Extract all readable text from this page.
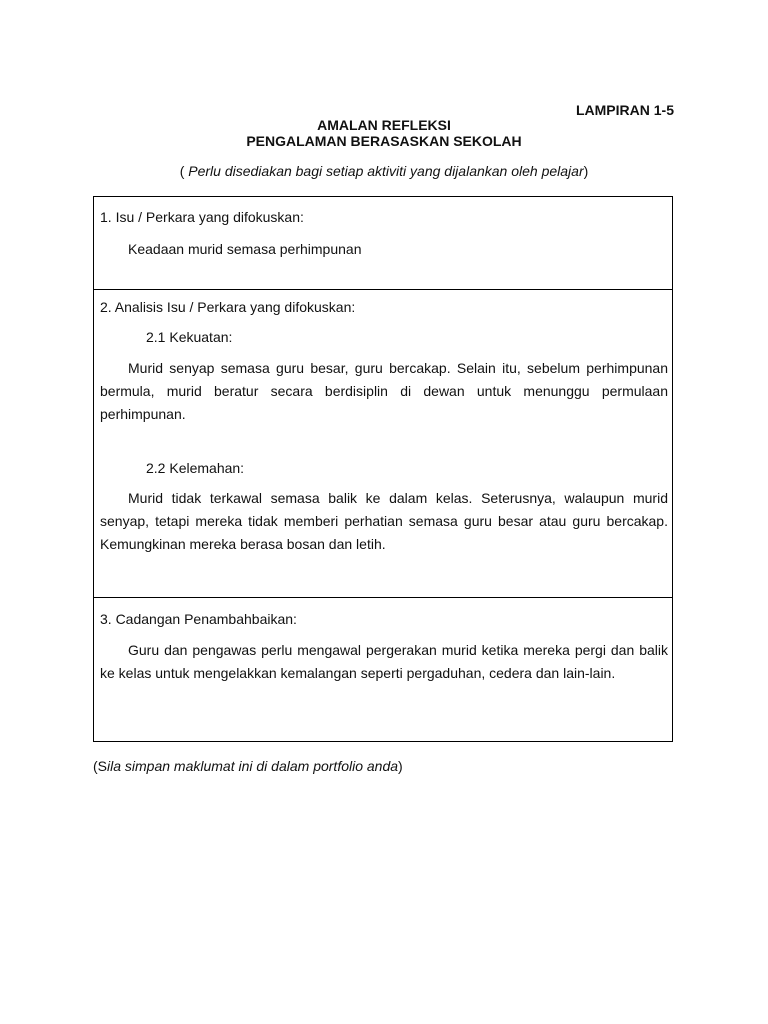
LAMPIRAN 1-5
AMALAN REFLEKSI
PENGALAMAN BERASASKAN SEKOLAH
( Perlu disediakan bagi setiap aktiviti yang dijalankan oleh pelajar)
1. Isu / Perkara yang difokuskan:
Keadaan murid semasa perhimpunan
2. Analisis Isu / Perkara yang difokuskan:
2.1 Kekuatan:
Murid senyap semasa guru besar, guru bercakap. Selain itu, sebelum perhimpunan bermula, murid beratur secara berdisiplin di dewan untuk menunggu permulaan perhimpunan.
2.2 Kelemahan:
Murid tidak terkawal semasa balik ke dalam kelas. Seterusnya, walaupun murid senyap, tetapi mereka tidak memberi perhatian semasa guru besar atau guru bercakap. Kemungkinan mereka berasa bosan dan letih.
3. Cadangan Penambahbaikan:
Guru dan pengawas perlu mengawal pergerakan murid ketika mereka pergi dan balik ke kelas untuk mengelakkan kemalangan seperti pergaduhan, cedera dan lain-lain.
(Sila simpan maklumat ini di dalam portfolio anda)
